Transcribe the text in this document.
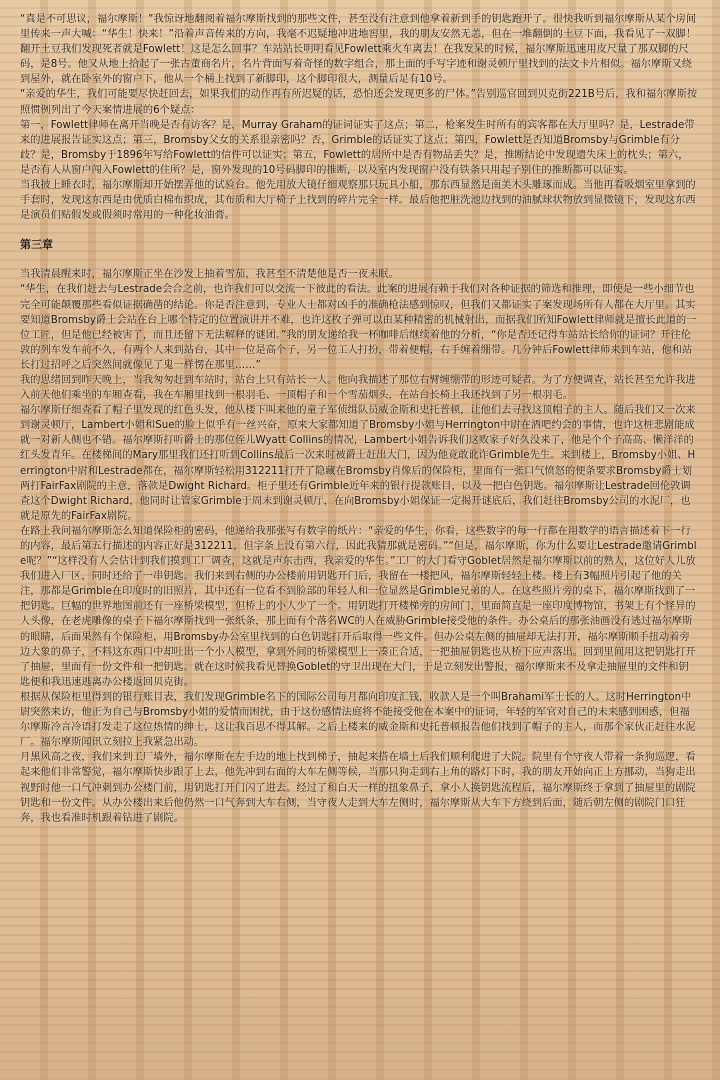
“真是不可思议，福尔摩斯！”我惊讶地翻阅着福尔摩斯找到的那些文件，甚至没有注意到他拿着新到手的钥匙跑开了。很快我听到福尔摩斯从某个房间里传来一声大喊：“华生！快来！”沿着声音传来的方向，我毫不迟疑地冲进地窖里，我的朋友安然无恙，但在一堆翻倒的土豆下面，我看见了一双脚！翻开土豆我们发现死者就是Fowlett！这是怎么回事？车站站长明明看见Fowlett乘火车离去！在我发呆的时候，福尔摩斯迅速用皮尺量了那双脚的尺码，是8号。他又从地上拾起了一张古董商名片，名片背面写着奇怪的数字组合，那上面的手写字迹和谢灵顿厅里找到的法文卡片相似。福尔摩斯又绕到屋外，就在卧室外的窗户下，他从一个桶上找到了新脚印，这个脚印很大，测量后足有10号。

“亲爱的华生，我们可能要尽快赶回去，如果我们的动作再有所迟疑的话，恐怕还会发现更多的尸体。”告别巡官回到贝克街221B号后，我和福尔摩斯按照惯例列出了今天案情进展的6个疑点：

第一，Fowlett律师在离开当晚是否有访客？是，Murray Graham的证词证实了这点；第二，枪案发生时所有的宾客都在大厅里吗？是，Lestrade带来的进展报告证实这点；第三，Bromsby父女的关系很亲密吗？否，Grimble的话证实了这点；第四，Fowlett是否知道Bromsby与Grimble有分歧？是，Bromsby于1896年写给Fowlett的信件可以证实；第五，Fowlett的居所中是否有物品丢失？是，推断结论中发现遗失床上的枕头；第六，是否有人从窗户闯入Fowlett的住所？是，窗外发现的10号码脚印的推断，以及室内发现窗户没有铁条只用起子别住的推断都可以证实。

当我披上睡衣时，福尔摩斯却开始摆弄他的试验台。他先用放大镜仔细观察那只玩具小船，那东西显然是南美木头雕琢而成。当他再看吸烟室里拿到的手套时，发现这东西是由优质白棉布织成，其布质和大厅椅子上找到的碎片完全一样。最后他把脏洗池边找到的油腻球状物放到显微镜下，发现这东西是演员们贴假发或假须时常用的一种化妆油膏。

第三章

当我清晨醒来时，福尔摩斯正坐在沙发上抽着雪茄，我甚至不清楚他是否一夜未眠。

“华生，在我们赶去与Lestrade会合之前，也许我们可以交流一下彼此的看法。此案的进展有赖于我们对各种证据的筛选和推理，即使是一些小细节也完全可能颠覆那些看似证据确凿的结论。你是否注意到，专业人士都对凶手的准确枪法感到惊叹，但我们又都证实了案发现场所有人都在大厅里。其实要知道Bromsby爵士会站在台上哪个特定的位置演讲并不难，也许这枚子弹可以由某种精密的机械射出，而据我们所知Fowlett律师就是擅长此道的一位工匠，但是他已经被害了，而且还留下无法解释的谜团。”我的朋友递给我一杯咖啡后继续着他的分析，“你是否还记得车站站长给你的证词？开往伦敦的列车发车前不久，有两个人来到站台，其中一位是高个子，另一位工人打扮，带着便帽，右手缠着绷带。几分钟后Fowlett律师来到车站，他和站长打过招呼之后突然间就像见了鬼一样愣在那里……”

我的思绪回到昨天晚上，当我匆匆赶到车站时，站台上只有站长一人。他向我描述了那位右臂缠绷带的形迹可疑者。为了方便调查，站长甚至允许我进入前天他们乘坐的车厢查看，我在车厢里找到一根羽毛、一顶帽子和一个雪茄烟头，在站台长椅上我还找到了另一根羽毛。

福尔摩斯仔细查看了帽子里发现的红色头发，他从楼下叫来他的童子军侦缉队员威金斯和史托普顿，让他们去寻找这顶帽子的主人。随后我们又一次来到谢灵顿厅，Lambert小姐和Sue的脸上似乎有一丝兴奋，原来大家都知道了Bromsby小姐与Herrington中尉在酒吧约会的事情，也许这桩悲剧能成就一对新人侧也不错。福尔摩斯打听爵士的那位侄儿Wyatt Collins的情况，Lambert小姐告诉我们这败家子好久没来了，他是个个子高高、懒洋洋的红头发青年。在楼梯间的Mary那里我们还打听到Collins最后一次来时被爵士赶出大门，因为他竟敢讹诈Grimble先生。来到楼上，Bromsby小姐、Herrington中尉和Lestrade都在，福尔摩斯轻松用312211打开了隐藏在Bromsby肖像后的保险柜，里面有一张口气愤怒的便条要求Bromsby爵士划两打FairFax剧院的主意，落款是Dwight Richard。柜子里还有Grimble近年来的银行提款账目，以及一把白色钥匙。福尔摩斯让Lestrade回伦敦调查这个Dwight Richard，他同时让管家Grimble于周末到谢灵顿厅，在向Bromsby小姐保证一定揭开谜底后，我们赶往Bromsby公司的水泥厂，也就是原先的FairFax剧院。

在路上我问福尔摩斯怎么知道保险柜的密码，他递给我那张写有数字的纸片：“亲爱的华生，你看，这些数字的每一行都在用数学的语言描述着下一行的内容，最后第五行描述的内容正好是312211，但字条上没有第六行，因此我猜那就是密码。”“但是，福尔摩斯，你为什么要让Lestrade邀请Grimble呢？”“这样没有人会估计到我们摸到工厂调查，这就是声东击西，我亲爱的华生。”工厂的大门看守Goblet居然是福尔摩斯以前的熟人，这位好人儿放我们进入厂区，同时还给了一串钥匙。我们来到右侧的办公楼前用钥匙开门后，我留在一楼把风，福尔摩斯轻轻上楼。楼上有3幅照片引起了他的关注，那都是Grimble在印度时的旧照片，其中还有一位看不到脸部的年轻人和一位显然是Grimble兄弟的人。在这些照片旁的桌下，福尔摩斯找到了一把钥匙。巨幅的世界地图前还有一座桥梁模型，但桥上的小人少了一个。用钥匙打开楼梯旁的房间门，里面简直是一座印度博物馆，书架上有个怪异的人头像，在老虎雕像的桌子下福尔摩斯找到一张纸条，那上面有个落名WC的人在威胁Grimble接受他的条件。办公桌后的那张油画没有逃过福尔摩斯的眼睛，后面果然有个保险柜，用Bromsby办公室里找到的白色钥匙打开后取得一些文件。但办公桌左侧的抽屉却无法打开，福尔摩斯顺手扭动着旁边大象的鼻子，不料这东西口中却吐出一个小人模型，拿到外间的桥梁模型上一凑正合适，一把抽屉钥匙也从桥下应声落出。回到里间用这把钥匙打开了抽屉，里面有一份文件和一把钥匙。就在这时候我看见替换Goblet的守卫出现在大门，于是立刻发出警报，福尔摩斯来不及拿走抽屉里的文件和钥匙便和我迅速逃离办公楼返回贝克街。

根据从保险柜里得到的银行账目表，我们发现Grimble名下的国际公司每月都向印度汇钱，收款人是一个叫Brahami军士长的人。这时Herrington中尉突然来访，他正为自己与Bromsby小姐的爱情而困扰，由于这份感情法庭将不能接受他在本案中的证词，年轻的军官对自己的未来感到困惑，但福尔摩斯冷言冷语打发走了这位热情的绅士，这让我百思不得其解。之后上楼来的威金斯和史托普顿报告他们找到了帽子的主人，而那个家伙正赶往水泥厂。福尔摩斯闻讯立刻拉上我紧急出动。

月黑风高之夜，我们来到工厂墙外，福尔摩斯在左手边的地上找到梯子，抽起来搭在墙上后我们顺利爬进了大院。院里有个守夜人带着一条狗巡逻，看起来他们非常警觉，福尔摩斯快步跟了上去，他先冲到右面的大车左侧等候，当那只狗走到右上角的路灯下时，我的朋友开始向正上方挪动，当狗走出视野时他一口气冲刺到办公楼门前，用钥匙打开门闪了进去。经过了和白天一样的扭象鼻子，拿小人换钥匙流程后，福尔摩斯终于拿到了抽屉里的剧院钥匙和一份文件。从办公楼出来后他仍然一口气奔到大车右侧，当守夜人走到大车左侧时，福尔摩斯从大车下方绕到后面，随后朝左侧的剧院门口狂奔，我也看准时机跟着钻进了剧院。
